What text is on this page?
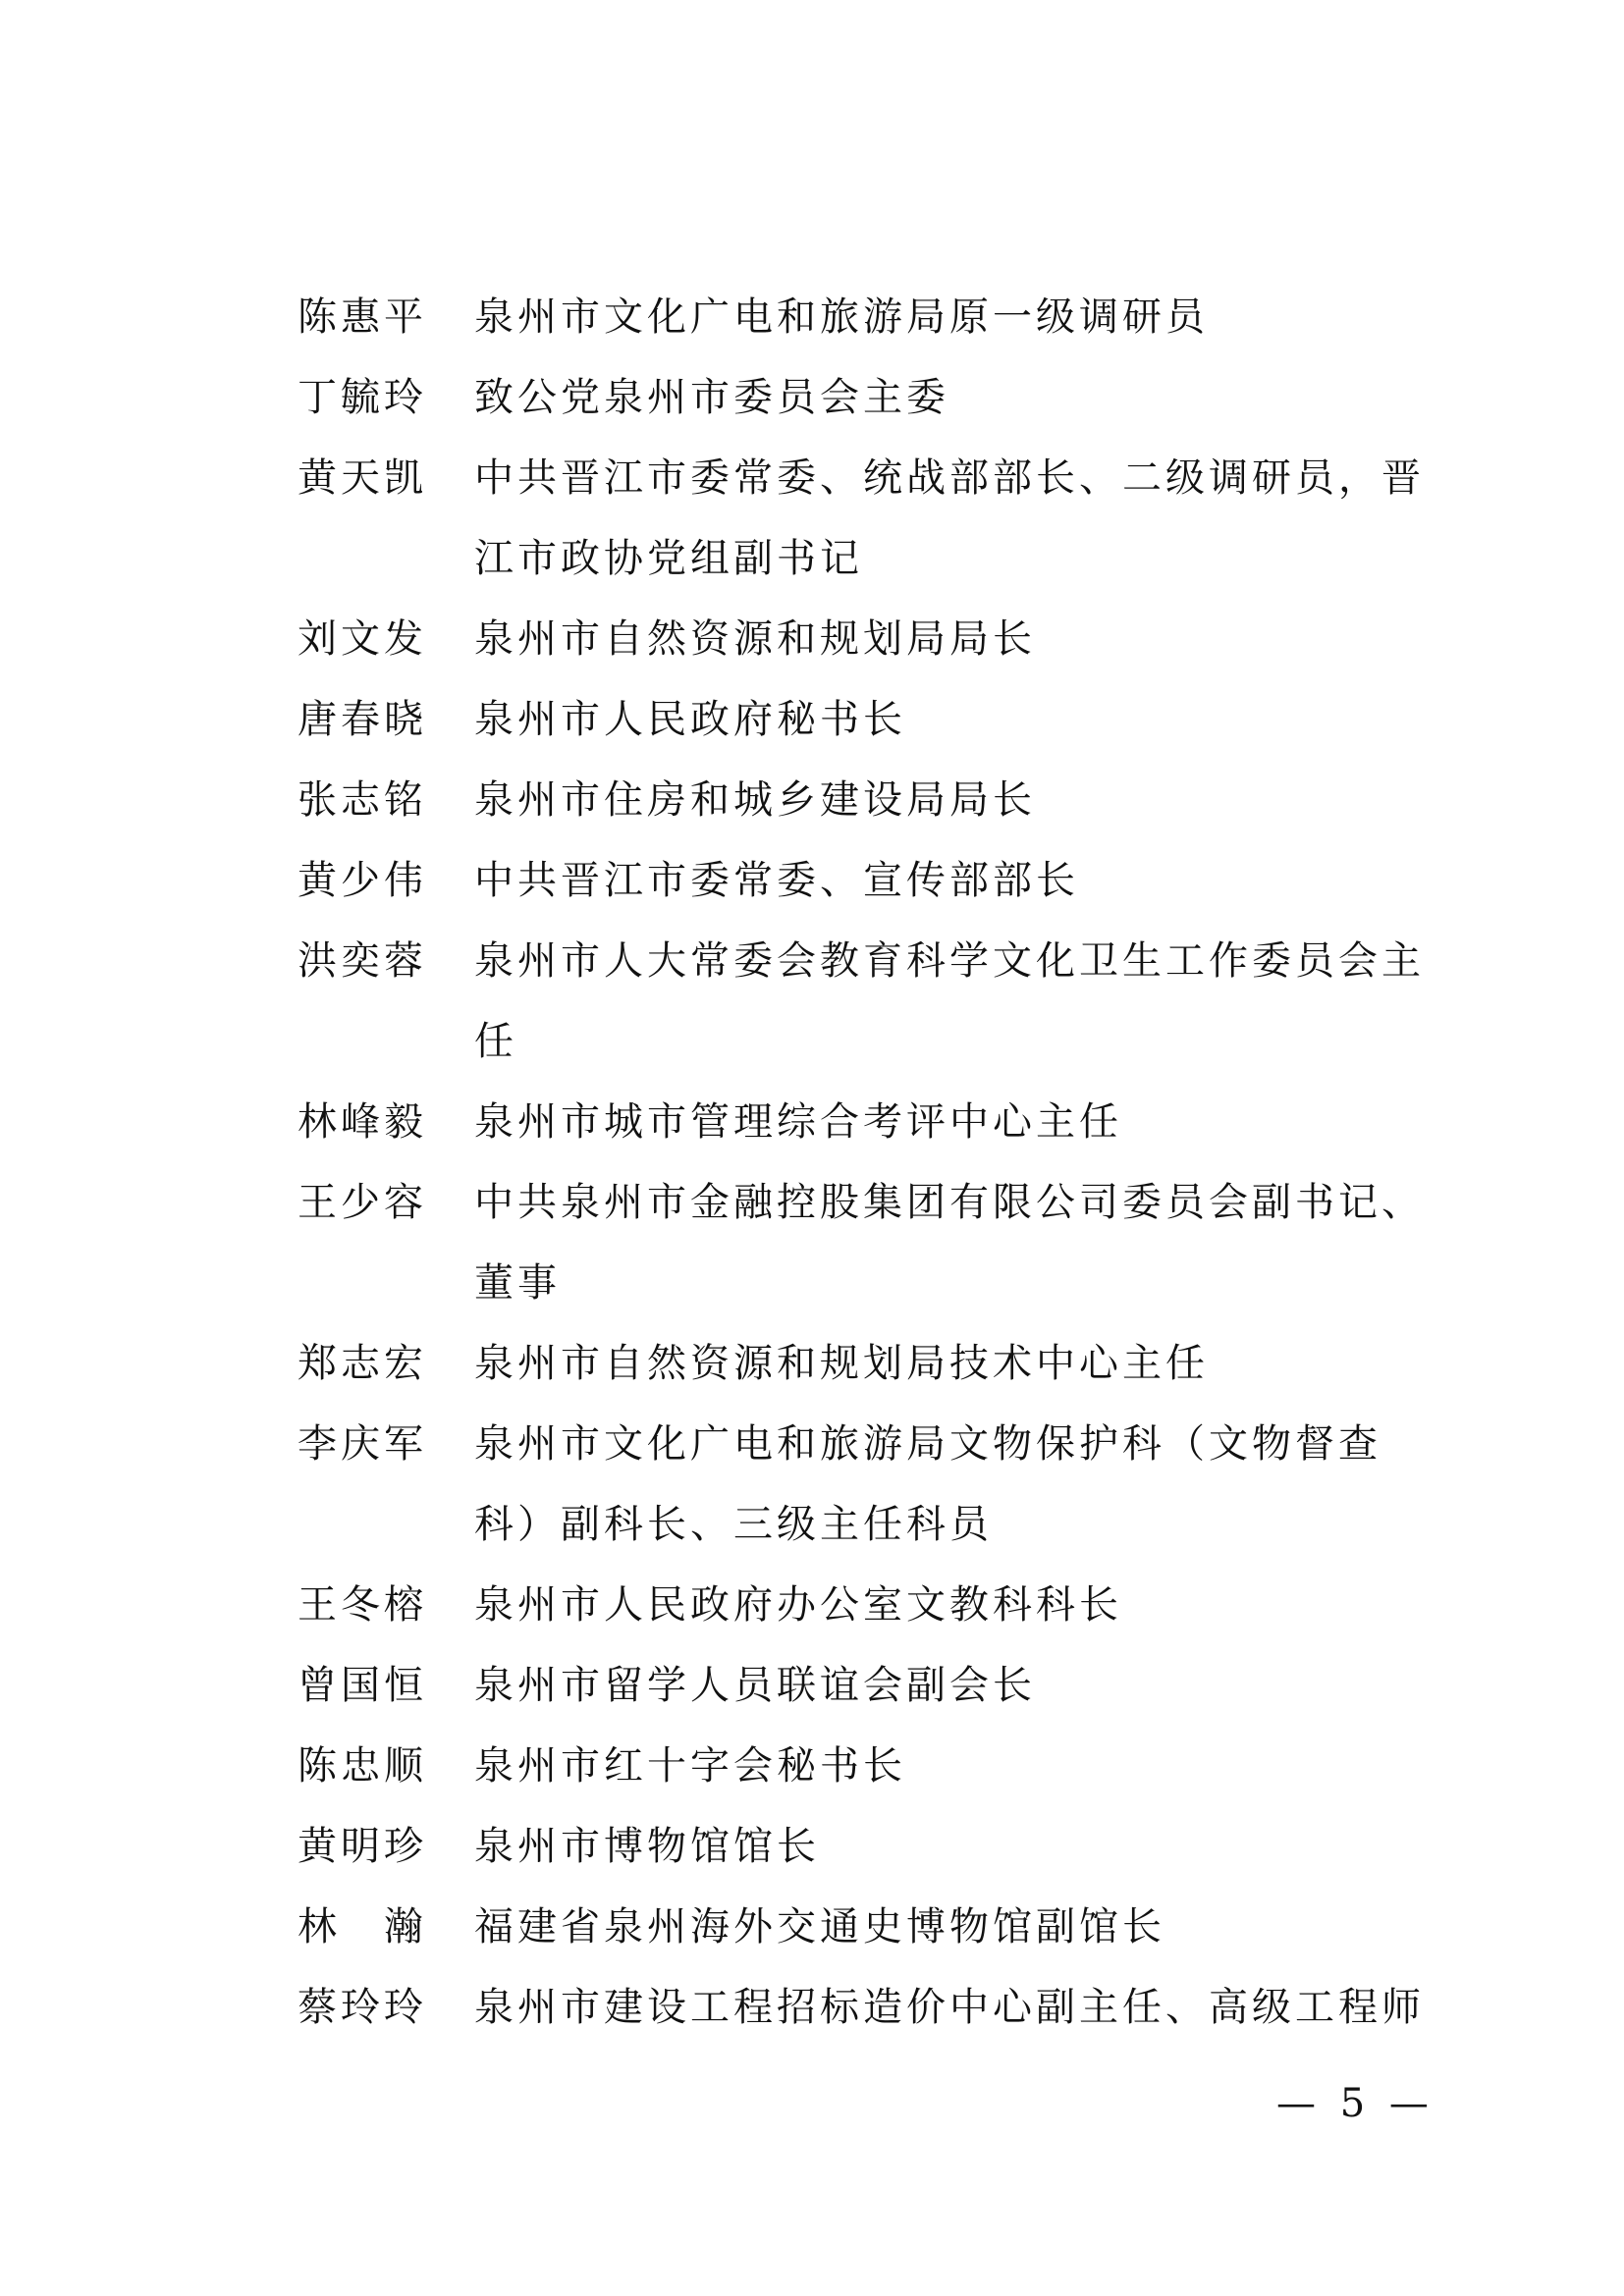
陈惠平	泉州市文化广电和旅游局原一级调研员
丁毓玲	致公党泉州市委员会主委
黄天凯	中共晋江市委常委、统战部部长、二级调研员，晋江市政协党组副书记
刘文发	泉州市自然资源和规划局局长
唐春晓	泉州市人民政府秘书长
张志铭	泉州市住房和城乡建设局局长
黄少伟	中共晋江市委常委、宣传部部长
洪奕蓉	泉州市人大常委会教育科学文化卫生工作委员会主任
林峰毅	泉州市城市管理综合考评中心主任
王少容	中共泉州市金融控股集团有限公司委员会副书记、董事
郑志宏	泉州市自然资源和规划局技术中心主任
李庆军	泉州市文化广电和旅游局文物保护科（文物督查科）副科长、三级主任科员
王冬榕	泉州市人民政府办公室文教科科长
曾国恒	泉州市留学人员联谊会副会长
陈忠顺	泉州市红十字会秘书长
黄明珍	泉州市博物馆馆长
林　瀚	福建省泉州海外交通史博物馆副馆长
蔡玲玲	泉州市建设工程招标造价中心副主任、高级工程师
— 5 —
